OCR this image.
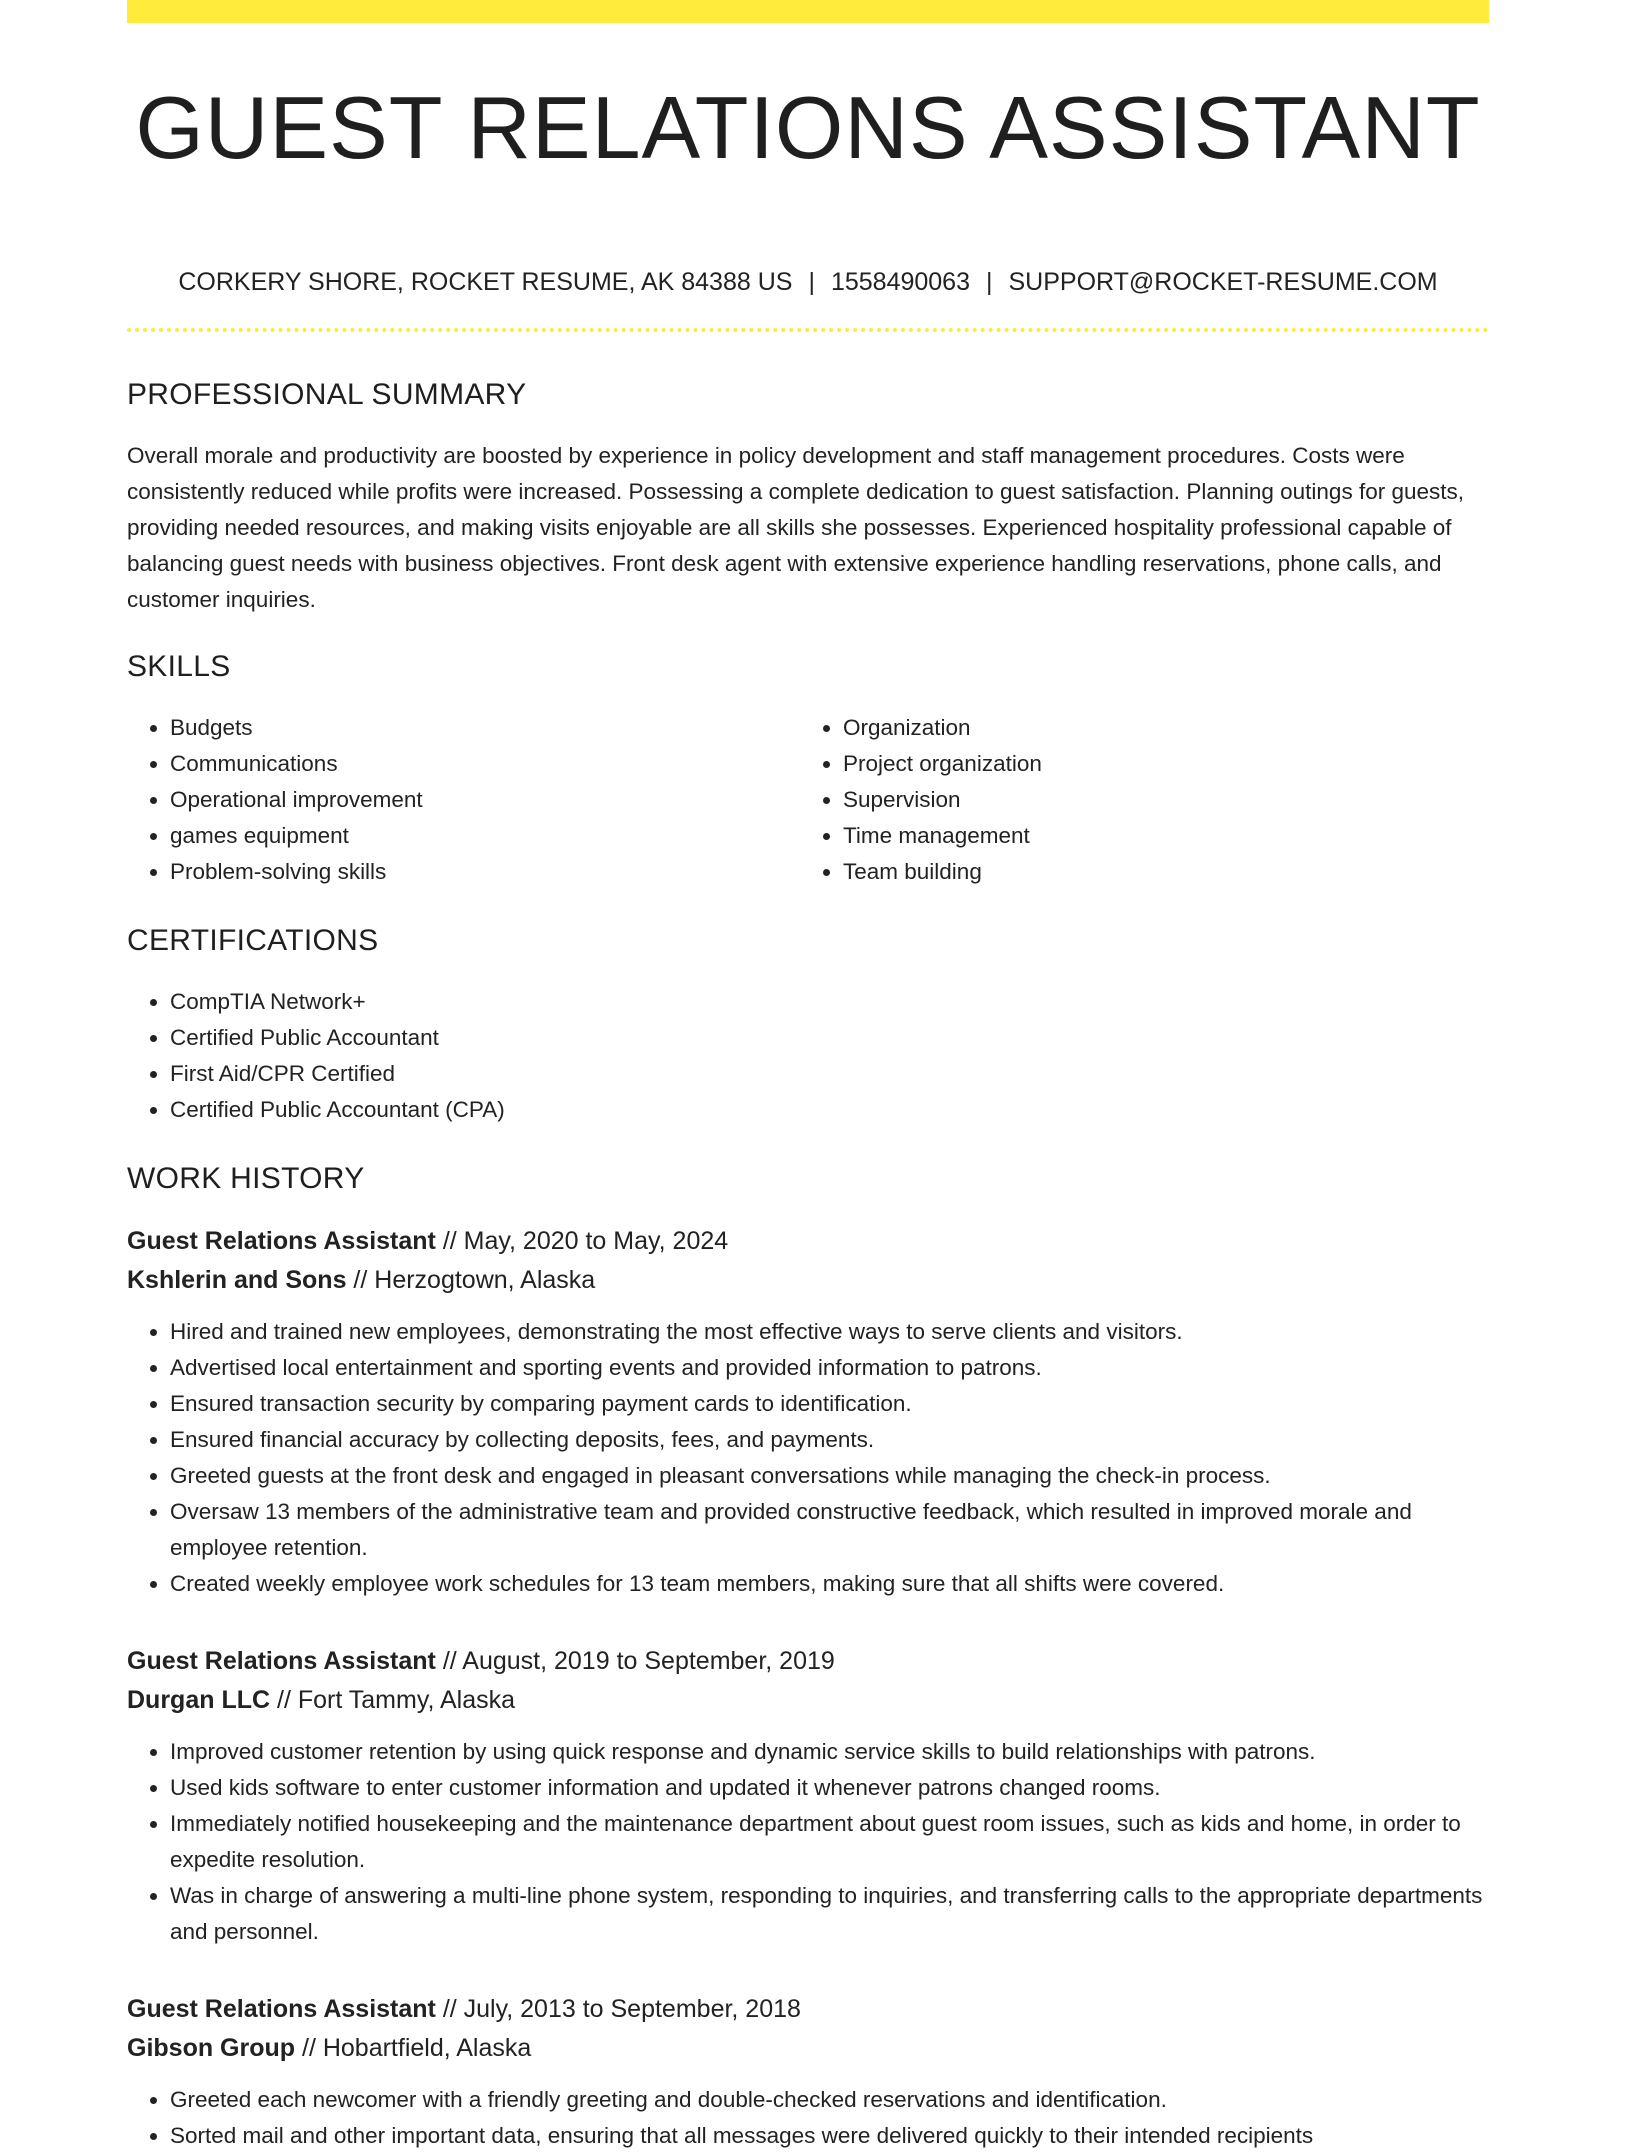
GUEST RELATIONS ASSISTANT
CORKERY SHORE, ROCKET RESUME, AK 84388 US | 1558490063 | SUPPORT@ROCKET-RESUME.COM
PROFESSIONAL SUMMARY
Overall morale and productivity are boosted by experience in policy development and staff management procedures. Costs were consistently reduced while profits were increased. Possessing a complete dedication to guest satisfaction. Planning outings for guests, providing needed resources, and making visits enjoyable are all skills she possesses. Experienced hospitality professional capable of balancing guest needs with business objectives. Front desk agent with extensive experience handling reservations, phone calls, and customer inquiries.
SKILLS
• Budgets
• Communications
• Operational improvement
• games equipment
• Problem-solving skills
• Organization
• Project organization
• Supervision
• Time management
• Team building
CERTIFICATIONS
• CompTIA Network+
• Certified Public Accountant
• First Aid/CPR Certified
• Certified Public Accountant (CPA)
WORK HISTORY
Guest Relations Assistant // May, 2020 to May, 2024
Kshlerin and Sons // Herzogtown, Alaska
• Hired and trained new employees, demonstrating the most effective ways to serve clients and visitors.
• Advertised local entertainment and sporting events and provided information to patrons.
• Ensured transaction security by comparing payment cards to identification.
• Ensured financial accuracy by collecting deposits, fees, and payments.
• Greeted guests at the front desk and engaged in pleasant conversations while managing the check-in process.
• Oversaw 13 members of the administrative team and provided constructive feedback, which resulted in improved morale and employee retention.
• Created weekly employee work schedules for 13 team members, making sure that all shifts were covered.
Guest Relations Assistant // August, 2019 to September, 2019
Durgan LLC // Fort Tammy, Alaska
• Improved customer retention by using quick response and dynamic service skills to build relationships with patrons.
• Used kids software to enter customer information and updated it whenever patrons changed rooms.
• Immediately notified housekeeping and the maintenance department about guest room issues, such as kids and home, in order to expedite resolution.
• Was in charge of answering a multi-line phone system, responding to inquiries, and transferring calls to the appropriate departments and personnel.
Guest Relations Assistant // July, 2013 to September, 2018
Gibson Group // Hobartfield, Alaska
• Greeted each newcomer with a friendly greeting and double-checked reservations and identification.
• Sorted mail and other important data, ensuring that all messages were delivered quickly to their intended recipients
